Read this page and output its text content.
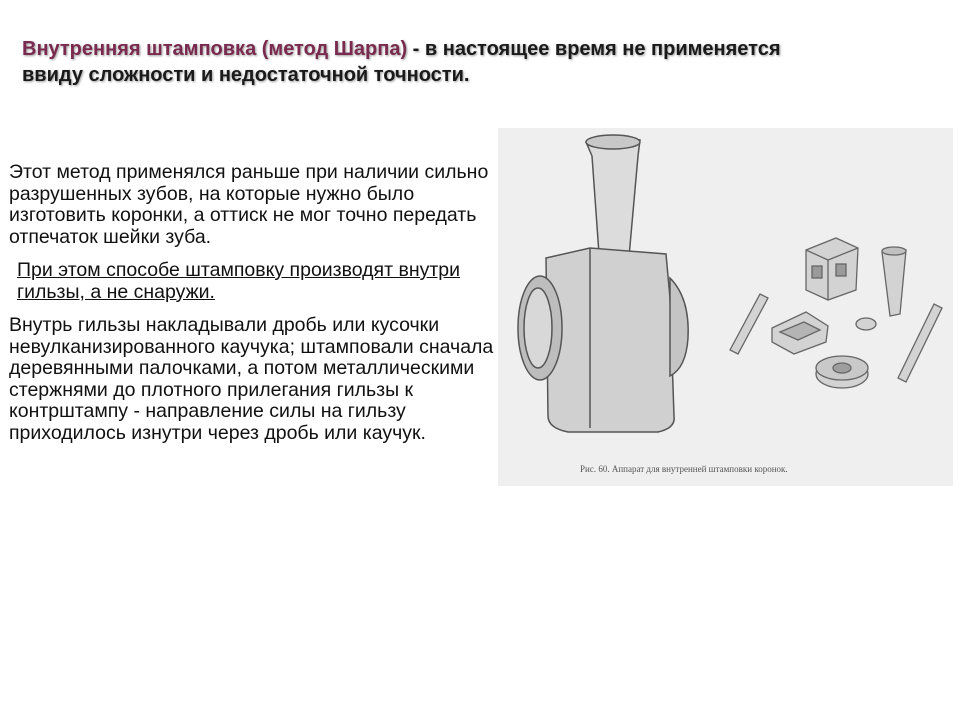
Внутренняя штамповка (метод Шарпа) - в настоящее время не применяется
ввиду сложности и недостаточной точности.

Этот метод применялся раньше при наличии сильно разрушенных зубов, на которые нужно было изготовить коронки, а оттиск не мог точно передать отпечаток шейки зуба.

При этом способе штамповку производят внутри гильзы, а не снаружи.

Внутрь гильзы накладывали дробь или кусочки невулканизированного каучука; штамповали сначала деревянными палочками, а потом металлическими стержнями до плотного прилегания гильзы к контрштампу - направление силы на гильзу приходилось изнутри через дробь или каучук.

Рис. 60. Аппарат для внутренней штамповки коронок.
